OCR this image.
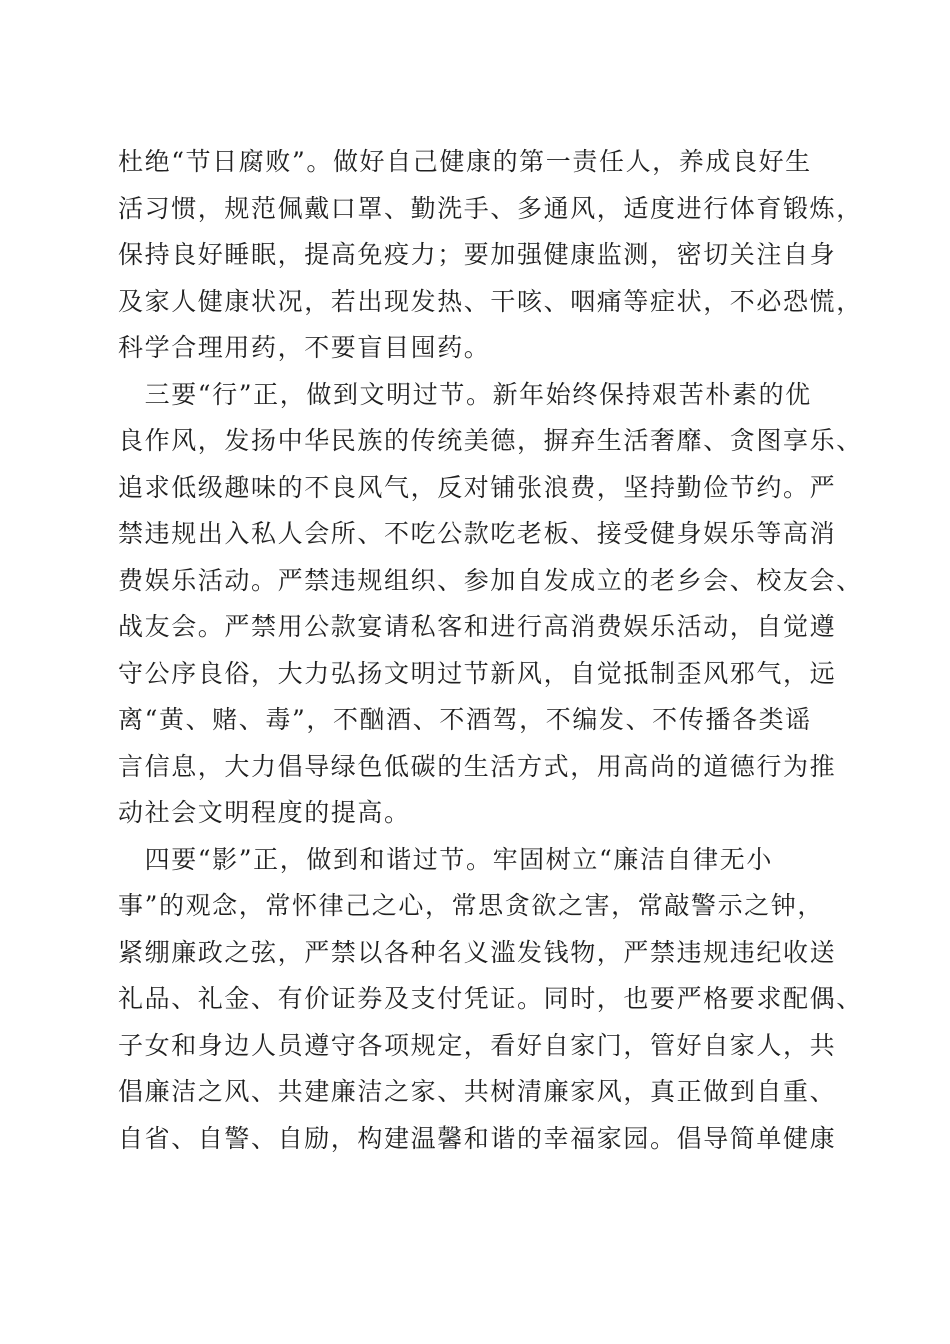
杜绝“节日腐败”。做好自己健康的第一责任人，养成良好生
活习惯，规范佩戴口罩、勤洗手、多通风，适度进行体育锻炼，
保持良好睡眠，提高免疫力；要加强健康监测，密切关注自身
及家人健康状况，若出现发热、干咳、咽痛等症状，不必恐慌，
科学合理用药，不要盲目囤药。
　三要“行”正，做到文明过节。新年始终保持艰苦朴素的优
良作风，发扬中华民族的传统美德，摒弃生活奢靡、贪图享乐、
追求低级趣味的不良风气，反对铺张浪费，坚持勤俭节约。严
禁违规出入私人会所、不吃公款吃老板、接受健身娱乐等高消
费娱乐活动。严禁违规组织、参加自发成立的老乡会、校友会、
战友会。严禁用公款宴请私客和进行高消费娱乐活动，自觉遵
守公序良俗，大力弘扬文明过节新风，自觉抵制歪风邪气，远
离“黄、赌、毒”，不酗酒、不酒驾，不编发、不传播各类谣
言信息，大力倡导绿色低碳的生活方式，用高尚的道德行为推
动社会文明程度的提高。
　四要“影”正，做到和谐过节。牢固树立“廉洁自律无小
事”的观念，常怀律己之心，常思贪欲之害，常敲警示之钟，
紧绷廉政之弦，严禁以各种名义滥发钱物，严禁违规违纪收送
礼品、礼金、有价证券及支付凭证。同时，也要严格要求配偶、
子女和身边人员遵守各项规定，看好自家门，管好自家人，共
倡廉洁之风、共建廉洁之家、共树清廉家风，真正做到自重、
自省、自警、自励，构建温馨和谐的幸福家园。倡导简单健康
